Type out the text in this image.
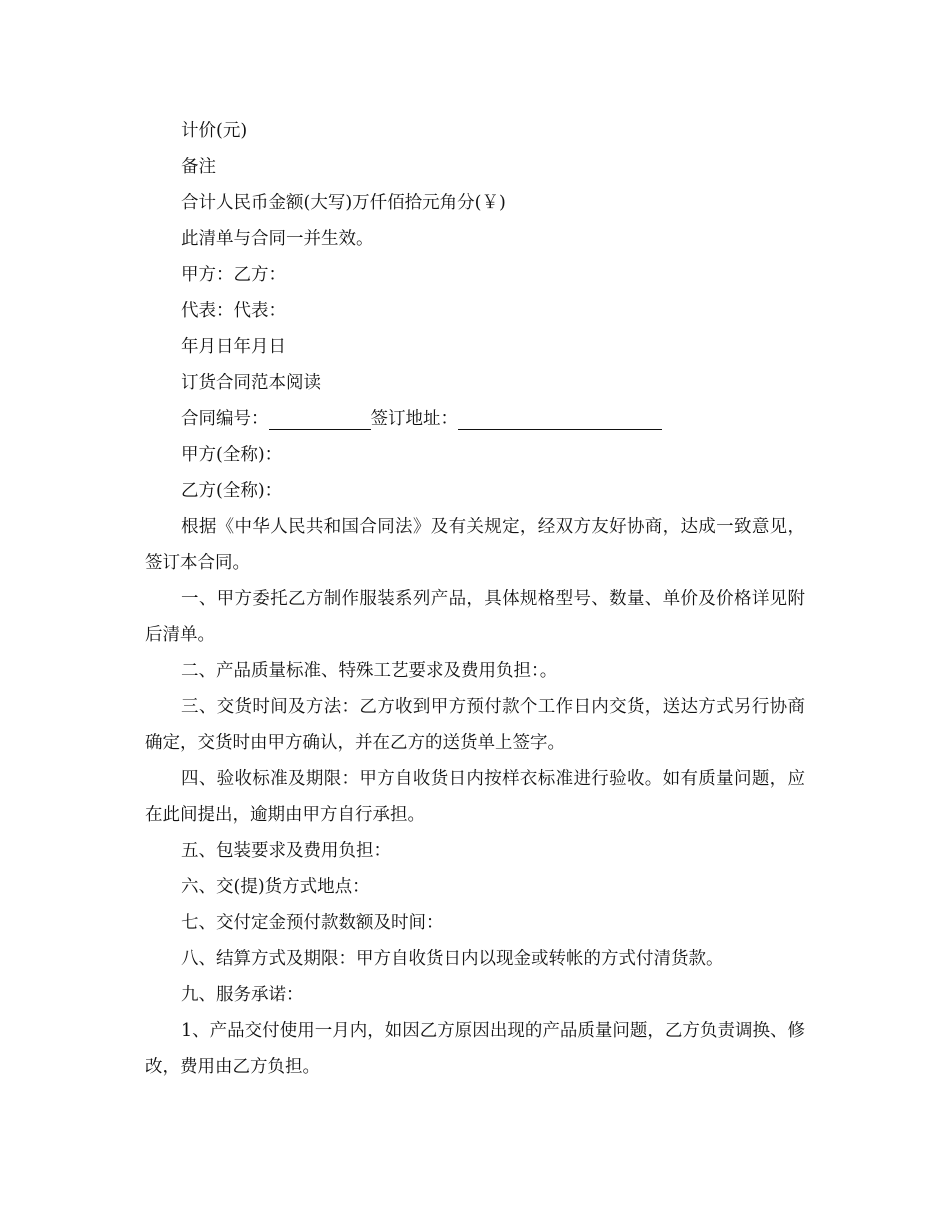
计价(元)
备注
合计人民币金额(大写)万仟佰拾元角分(￥)
此清单与合同一并生效。
甲方：乙方：
代表：代表：
年月日年月日
订货合同范本阅读
合同编号：	签订地址：
甲方(全称)：
乙方(全称)：

根据《中华人民共和国合同法》及有关规定，经双方友好协商，达成一致意见，签订本合同。

一、甲方委托乙方制作服装系列产品，具体规格型号、数量、单价及价格详见附后清单。

二、产品质量标准、特殊工艺要求及费用负担：。

三、交货时间及方法：乙方收到甲方预付款个工作日内交货，送达方式另行协商确定，交货时由甲方确认，并在乙方的送货单上签字。

四、验收标准及期限：甲方自收货日内按样衣标准进行验收。如有质量问题，应在此间提出，逾期由甲方自行承担。

五、包装要求及费用负担：

六、交(提)货方式地点：

七、交付定金预付款数额及时间：

八、结算方式及期限：甲方自收货日内以现金或转帐的方式付清货款。

九、服务承诺：

1、产品交付使用一月内，如因乙方原因出现的产品质量问题，乙方负责调换、修改，费用由乙方负担。
